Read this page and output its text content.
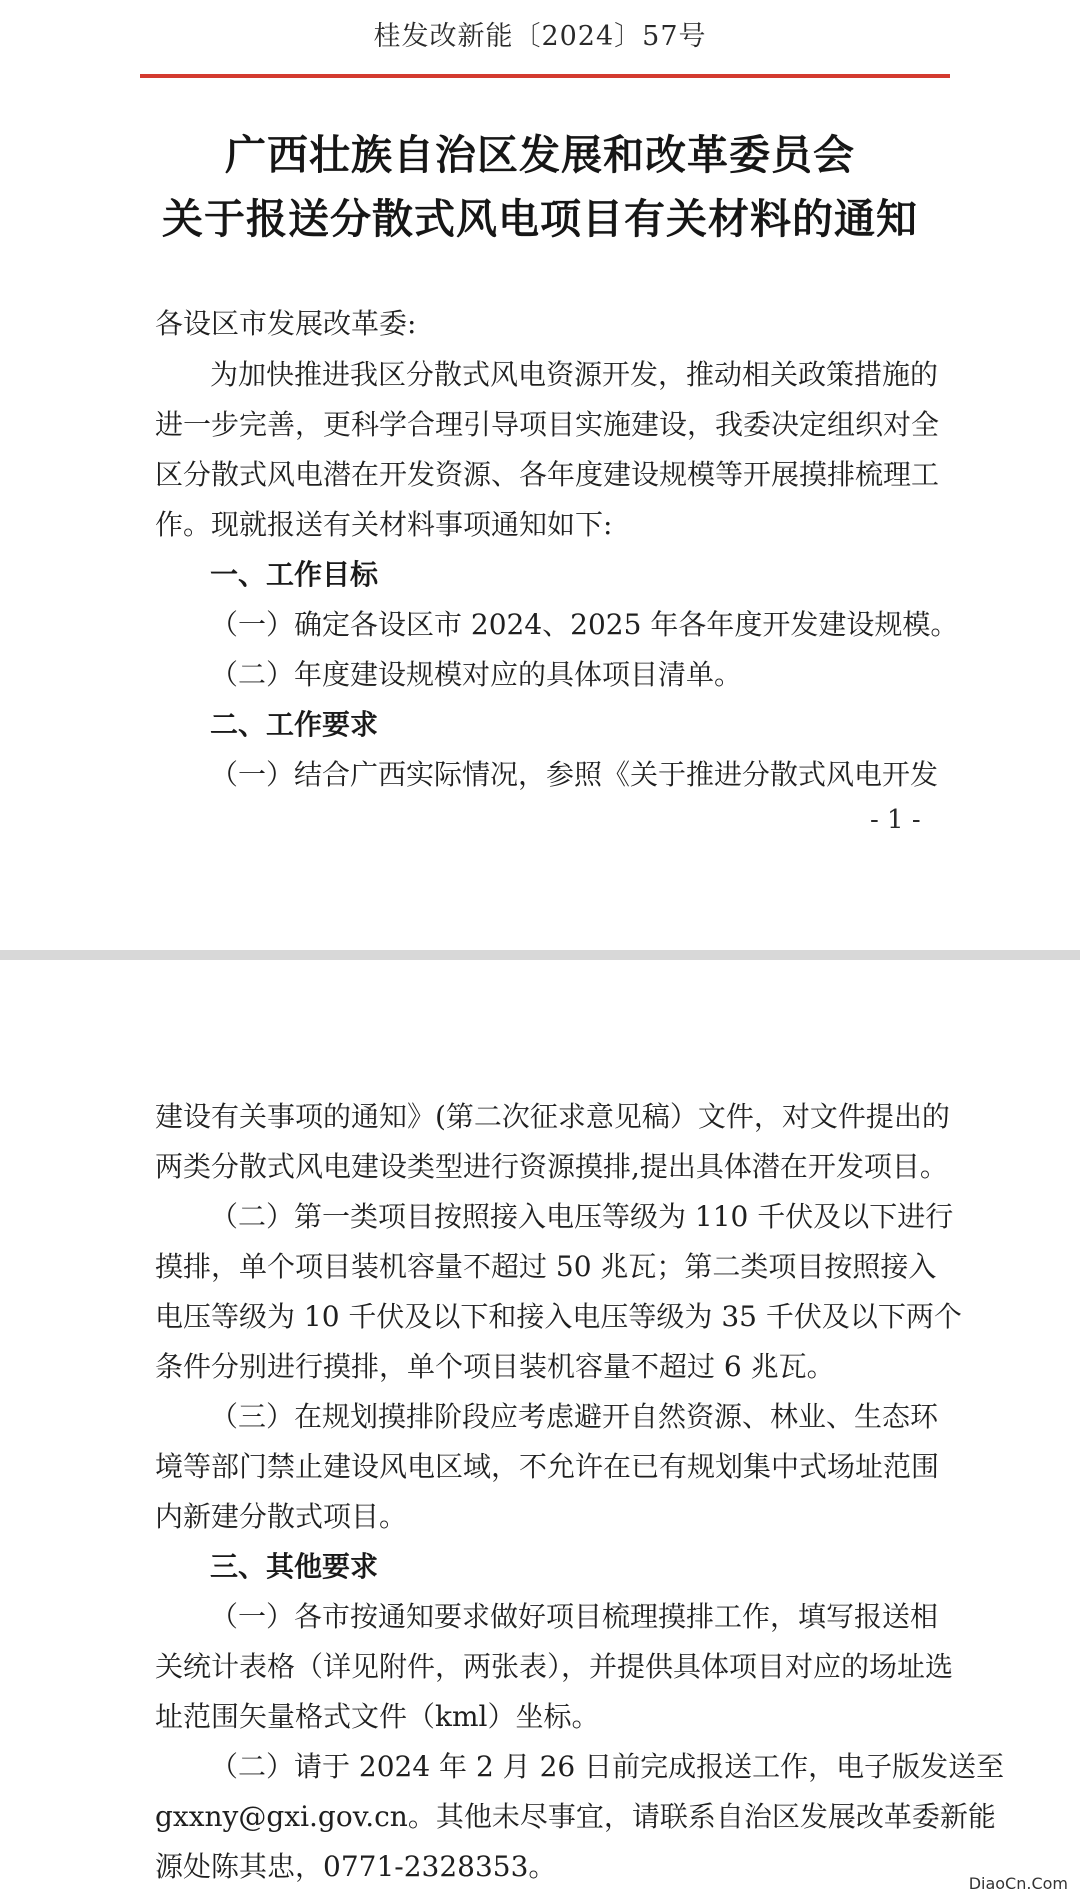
桂发改新能〔2024〕57号
广西壮族自治区发展和改革委员会
关于报送分散式风电项目有关材料的通知
各设区市发展改革委:
为加快推进我区分散式风电资源开发，推动相关政策措施的
进一步完善，更科学合理引导项目实施建设，我委决定组织对全
区分散式风电潜在开发资源、各年度建设规模等开展摸排梳理工
作。现就报送有关材料事项通知如下:
一、工作目标
（一）确定各设区市 2024、2025 年各年度开发建设规模。
（二）年度建设规模对应的具体项目清单。
二、工作要求
（一）结合广西实际情况，参照《关于推进分散式风电开发
- 1 -
建设有关事项的通知》(第二次征求意见稿）文件，对文件提出的
两类分散式风电建设类型进行资源摸排,提出具体潜在开发项目。
（二）第一类项目按照接入电压等级为 110 千伏及以下进行
摸排，单个项目装机容量不超过 50 兆瓦；第二类项目按照接入
电压等级为 10 千伏及以下和接入电压等级为 35 千伏及以下两个
条件分别进行摸排，单个项目装机容量不超过 6 兆瓦。
（三）在规划摸排阶段应考虑避开自然资源、林业、生态环
境等部门禁止建设风电区域，不允许在已有规划集中式场址范围
内新建分散式项目。
三、其他要求
（一）各市按通知要求做好项目梳理摸排工作，填写报送相
关统计表格（详见附件，两张表），并提供具体项目对应的场址选
址范围矢量格式文件（kml）坐标。
（二）请于 2024 年 2 月 26 日前完成报送工作，电子版发送至
gxxny@gxi.gov.cn。其他未尽事宜，请联系自治区发展改革委新能
源处陈其忠，0771-2328353。
DiaoCn.Com
